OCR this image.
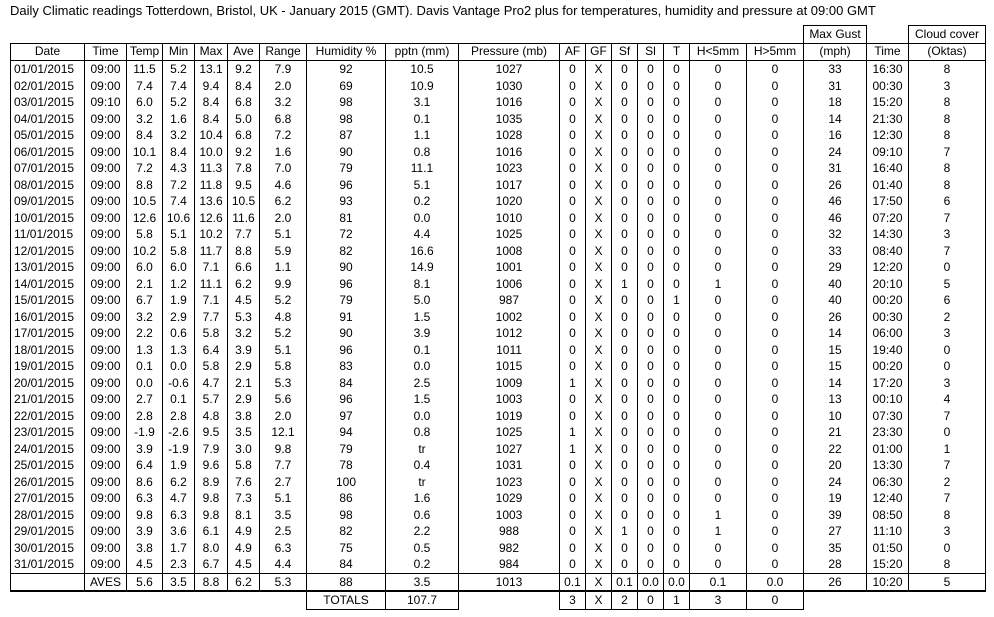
Daily Climatic readings Totterdown, Bristol, UK - January 2015 (GMT). Davis Vantage Pro2 plus for temperatures, humidity and pressure at 09:00 GMT
																	Max Gust		Cloud cover
Date	Time	Temp	Min	Max	Ave	Range	Humidity %	pptn (mm)	Pressure (mb)	AF	GF	Sf	Sl	T	H<5mm	H>5mm	(mph)	Time	(Oktas)
01/01/2015	09:00	11.5	5.2	13.1	9.2	7.9	92	10.5	1027	0	X	0	0	0	0	0	33	16:30	8
02/01/2015	09:00	7.4	7.4	9.4	8.4	2.0	69	10.9	1030	0	X	0	0	0	0	0	31	00:30	3
03/01/2015	09:10	6.0	5.2	8.4	6.8	3.2	98	3.1	1016	0	X	0	0	0	0	0	18	15:20	8
04/01/2015	09:00	3.2	1.6	8.4	5.0	6.8	98	0.1	1035	0	X	0	0	0	0	0	14	21:30	8
05/01/2015	09:00	8.4	3.2	10.4	6.8	7.2	87	1.1	1028	0	X	0	0	0	0	0	16	12:30	8
06/01/2015	09:00	10.1	8.4	10.0	9.2	1.6	90	0.8	1016	0	X	0	0	0	0	0	24	09:10	7
07/01/2015	09:00	7.2	4.3	11.3	7.8	7.0	79	11.1	1023	0	X	0	0	0	0	0	31	16:40	8
08/01/2015	09:00	8.8	7.2	11.8	9.5	4.6	96	5.1	1017	0	X	0	0	0	0	0	26	01:40	8
09/01/2015	09:00	10.5	7.4	13.6	10.5	6.2	93	0.2	1020	0	X	0	0	0	0	0	46	17:50	6
10/01/2015	09:00	12.6	10.6	12.6	11.6	2.0	81	0.0	1010	0	X	0	0	0	0	0	46	07:20	7
11/01/2015	09:00	5.8	5.1	10.2	7.7	5.1	72	4.4	1025	0	X	0	0	0	0	0	32	14:30	3
12/01/2015	09:00	10.2	5.8	11.7	8.8	5.9	82	16.6	1008	0	X	0	0	0	0	0	33	08:40	7
13/01/2015	09:00	6.0	6.0	7.1	6.6	1.1	90	14.9	1001	0	X	0	0	0	0	0	29	12:20	0
14/01/2015	09:00	2.1	1.2	11.1	6.2	9.9	96	8.1	1006	0	X	1	0	0	1	0	40	20:10	5
15/01/2015	09:00	6.7	1.9	7.1	4.5	5.2	79	5.0	987	0	X	0	0	1	0	0	40	00:20	6
16/01/2015	09:00	3.2	2.9	7.7	5.3	4.8	91	1.5	1002	0	X	0	0	0	0	0	26	00:30	2
17/01/2015	09:00	2.2	0.6	5.8	3.2	5.2	90	3.9	1012	0	X	0	0	0	0	0	14	06:00	3
18/01/2015	09:00	1.3	1.3	6.4	3.9	5.1	96	0.1	1011	0	X	0	0	0	0	0	15	19:40	0
19/01/2015	09:00	0.1	0.0	5.8	2.9	5.8	83	0.0	1015	0	X	0	0	0	0	0	15	00:20	0
20/01/2015	09:00	0.0	-0.6	4.7	2.1	5.3	84	2.5	1009	1	X	0	0	0	0	0	14	17:20	3
21/01/2015	09:00	2.7	0.1	5.7	2.9	5.6	96	1.5	1003	0	X	0	0	0	0	0	13	00:10	4
22/01/2015	09:00	2.8	2.8	4.8	3.8	2.0	97	0.0	1019	0	X	0	0	0	0	0	10	07:30	7
23/01/2015	09:00	-1.9	-2.6	9.5	3.5	12.1	94	0.8	1025	1	X	0	0	0	0	0	21	23:30	0
24/01/2015	09:00	3.9	-1.9	7.9	3.0	9.8	79	tr	1027	1	X	0	0	0	0	0	22	01:00	1
25/01/2015	09:00	6.4	1.9	9.6	5.8	7.7	78	0.4	1031	0	X	0	0	0	0	0	20	13:30	7
26/01/2015	09:00	8.6	6.2	8.9	7.6	2.7	100	tr	1023	0	X	0	0	0	0	0	24	06:30	2
27/01/2015	09:00	6.3	4.7	9.8	7.3	5.1	86	1.6	1029	0	X	0	0	0	0	0	19	12:40	7
28/01/2015	09:00	9.8	6.3	9.8	8.1	3.5	98	0.6	1003	0	X	0	0	0	1	0	39	08:50	8
29/01/2015	09:00	3.9	3.6	6.1	4.9	2.5	82	2.2	988	0	X	1	0	0	1	0	27	11:10	3
30/01/2015	09:00	3.8	1.7	8.0	4.9	6.3	75	0.5	982	0	X	0	0	0	0	0	35	01:50	0
31/01/2015	09:00	4.5	2.3	6.7	4.5	4.4	84	0.2	984	0	X	0	0	0	0	0	28	15:20	8
	AVES	5.6	3.5	8.8	6.2	5.3	88	3.5	1013	0.1	X	0.1	0.0	0.0	0.1	0.0	26	10:20	5
							TOTALS	107.7		3	X	2	0	1	3	0			
